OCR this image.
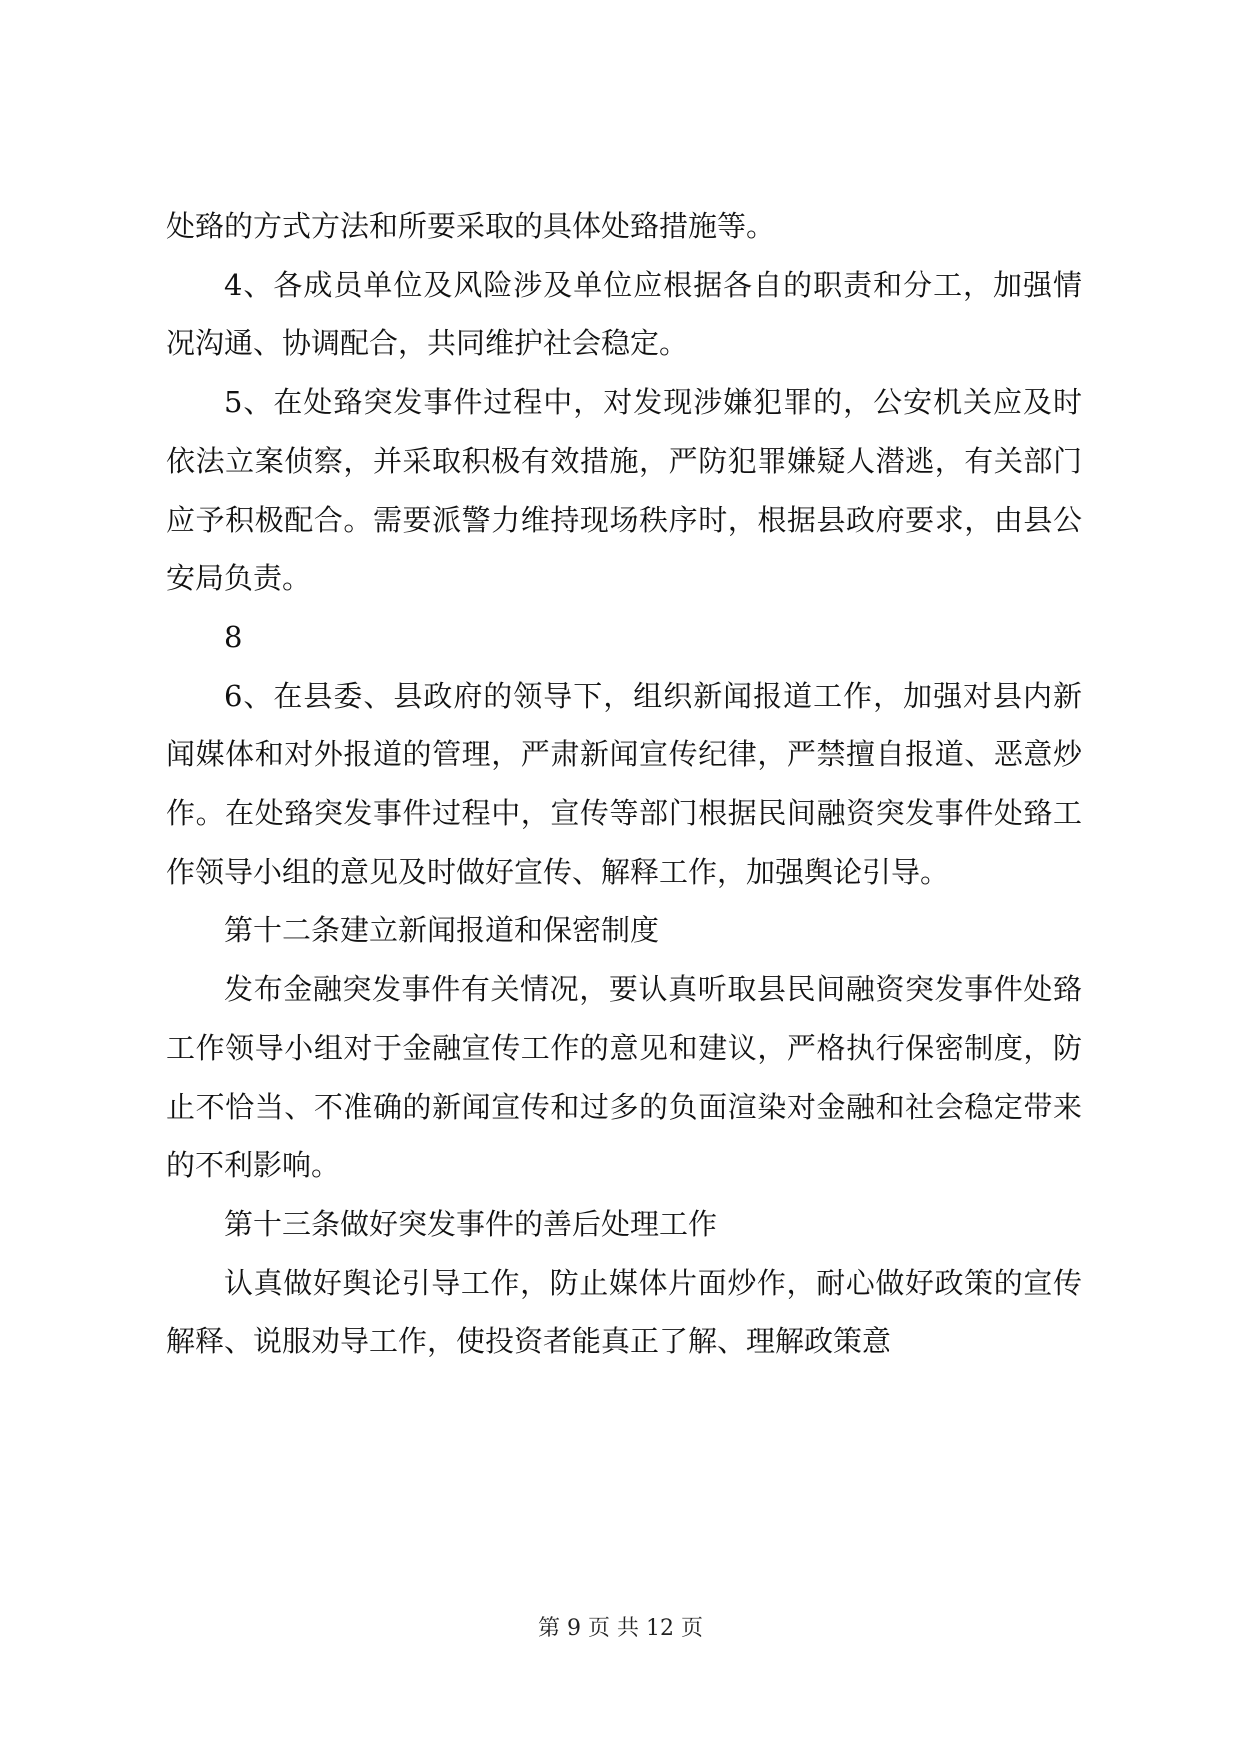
处臵的方式方法和所要采取的具体处臵措施等。

4、各成员单位及风险涉及单位应根据各自的职责和分工，加强情况沟通、协调配合，共同维护社会稳定。

5、在处臵突发事件过程中，对发现涉嫌犯罪的，公安机关应及时依法立案侦察，并采取积极有效措施，严防犯罪嫌疑人潜逃，有关部门应予积极配合。需要派警力维持现场秩序时，根据县政府要求，由县公安局负责。

8

6、在县委、县政府的领导下，组织新闻报道工作，加强对县内新闻媒体和对外报道的管理，严肃新闻宣传纪律，严禁擅自报道、恶意炒作。在处臵突发事件过程中，宣传等部门根据民间融资突发事件处臵工作领导小组的意见及时做好宣传、解释工作，加强舆论引导。

第十二条建立新闻报道和保密制度

发布金融突发事件有关情况，要认真听取县民间融资突发事件处臵工作领导小组对于金融宣传工作的意见和建议，严格执行保密制度，防止不恰当、不准确的新闻宣传和过多的负面渲染对金融和社会稳定带来的不利影响。

第十三条做好突发事件的善后处理工作

认真做好舆论引导工作，防止媒体片面炒作，耐心做好政策的宣传解释、说服劝导工作，使投资者能真正了解、理解政策意

第 9 页 共 12 页
